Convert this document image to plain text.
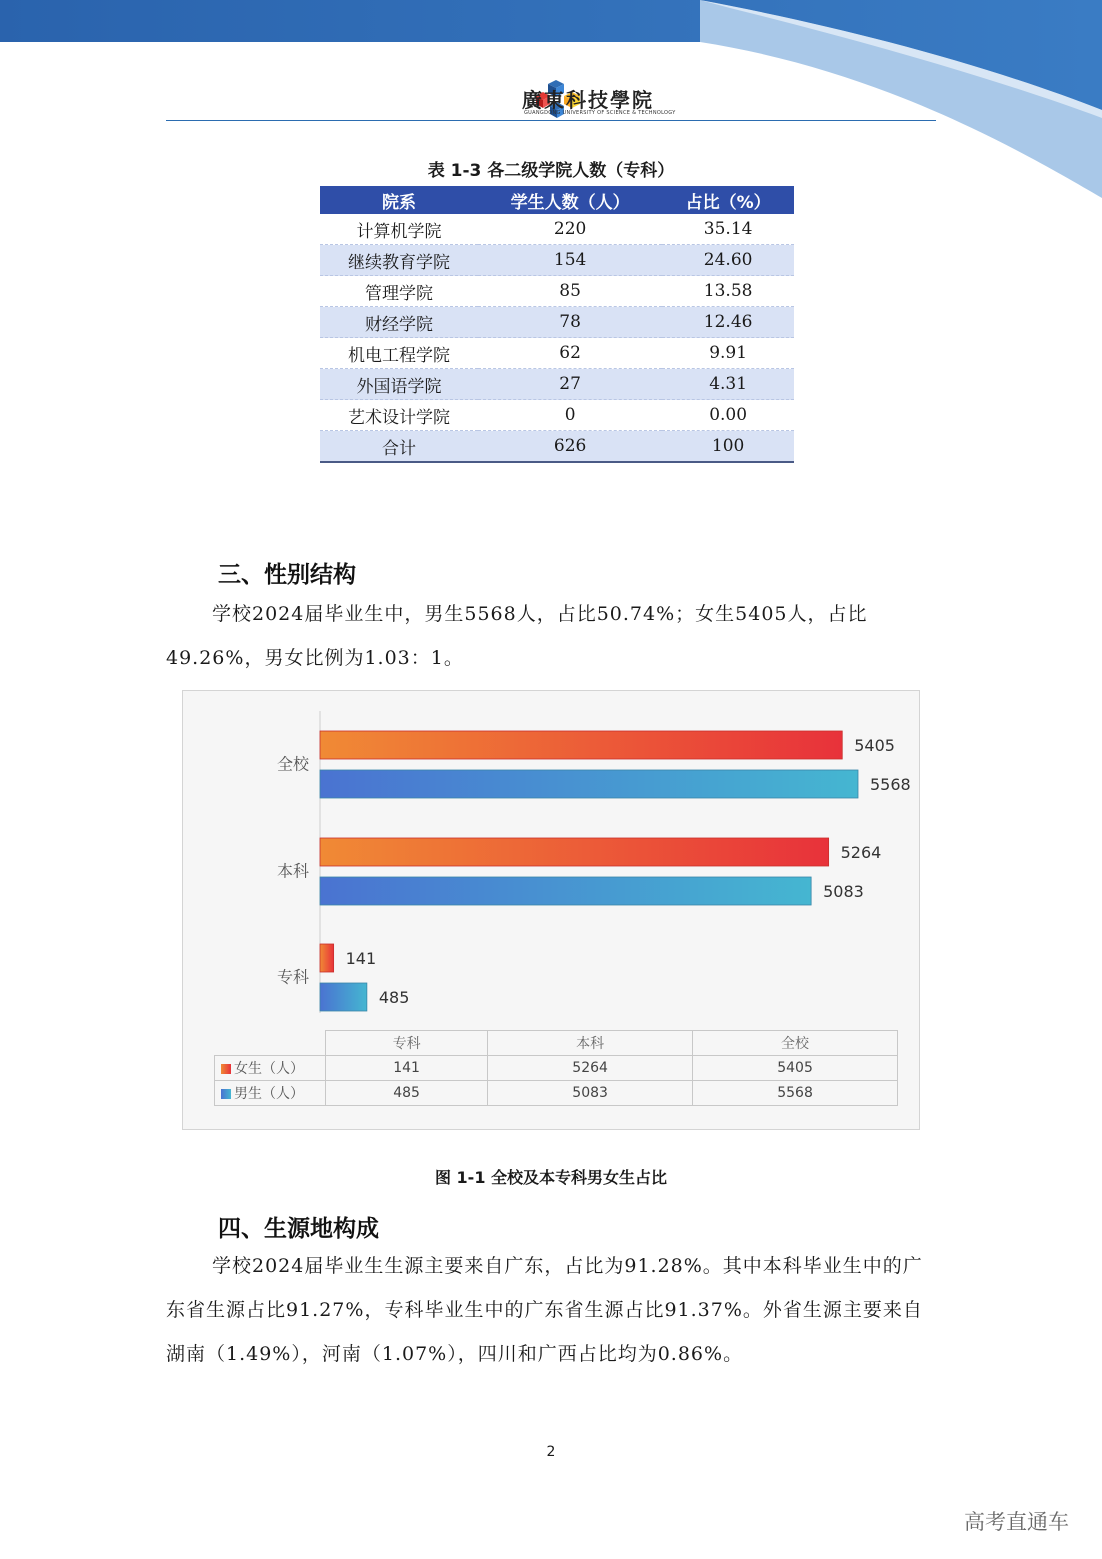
廣東科技學院
GUANGDONG UNIVERSITY OF SCIENCE & TECHNOLOGY
表 1-3 各二级学院人数（专科）
院系	学生人数（人）	占比（%）
计算机学院	220	35.14
继续教育学院	154	24.60
管理学院	85	13.58
财经学院	78	12.46
机电工程学院	62	9.91
外国语学院	27	4.31
艺术设计学院	0	0.00
合计	626	100
三、性别结构
学校2024届毕业生中，男生5568人，占比50.74%；女生5405人，占比49.26%，男女比例为1.03：1。
全校
5405
5568
本科
5264
5083
专科
141
485
	专科	本科	全校
女生（人）	141	5264	5405
男生（人）	485	5083	5568
图 1-1 全校及本专科男女生占比
四、生源地构成
学校2024届毕业生生源主要来自广东，占比为91.28%。其中本科毕业生中的广东省生源占比91.27%，专科毕业生中的广东省生源占比91.37%。外省生源主要来自湖南（1.49%），河南（1.07%），四川和广西占比均为0.86%。
2
高考直通车
